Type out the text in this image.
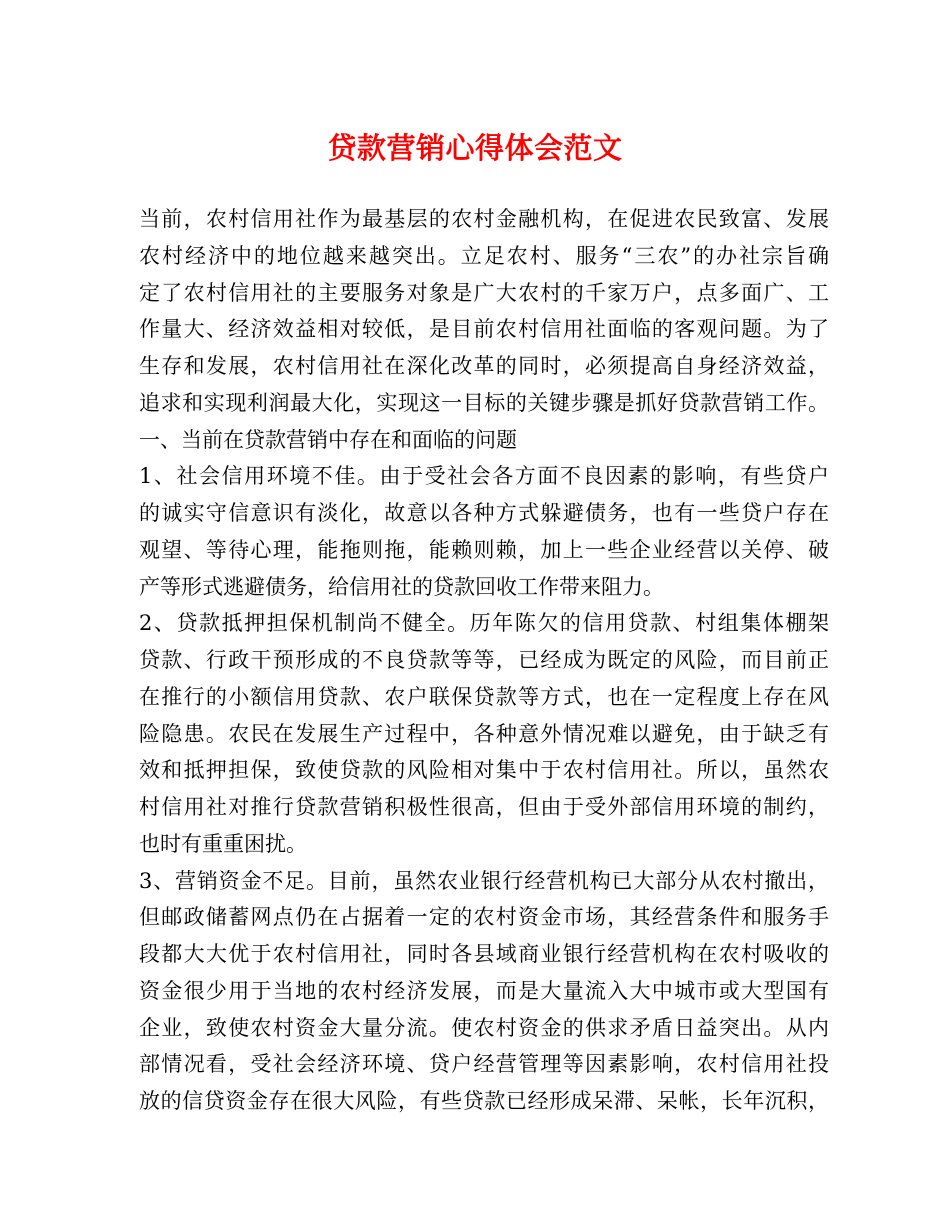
贷款营销心得体会范文
当前，农村信用社作为最基层的农村金融机构，在促进农民致富、发展
农村经济中的地位越来越突出。立足农村、服务“三农”的办社宗旨确
定了农村信用社的主要服务对象是广大农村的千家万户，点多面广、工
作量大、经济效益相对较低，是目前农村信用社面临的客观问题。为了
生存和发展，农村信用社在深化改革的同时，必须提高自身经济效益，
追求和实现利润最大化，实现这一目标的关键步骤是抓好贷款营销工作。
一、当前在贷款营销中存在和面临的问题
1、社会信用环境不佳。由于受社会各方面不良因素的影响，有些贷户
的诚实守信意识有淡化，故意以各种方式躲避债务，也有一些贷户存在
观望、等待心理，能拖则拖，能赖则赖，加上一些企业经营以关停、破
产等形式逃避债务，给信用社的贷款回收工作带来阻力。
2、贷款抵押担保机制尚不健全。历年陈欠的信用贷款、村组集体棚架
贷款、行政干预形成的不良贷款等等，已经成为既定的风险，而目前正
在推行的小额信用贷款、农户联保贷款等方式，也在一定程度上存在风
险隐患。农民在发展生产过程中，各种意外情况难以避免，由于缺乏有
效和抵押担保，致使贷款的风险相对集中于农村信用社。所以，虽然农
村信用社对推行贷款营销积极性很高，但由于受外部信用环境的制约，
也时有重重困扰。
3、营销资金不足。目前，虽然农业银行经营机构已大部分从农村撤出，
但邮政储蓄网点仍在占据着一定的农村资金市场，其经营条件和服务手
段都大大优于农村信用社，同时各县域商业银行经营机构在农村吸收的
资金很少用于当地的农村经济发展，而是大量流入大中城市或大型国有
企业，致使农村资金大量分流。使农村资金的供求矛盾日益突出。从内
部情况看，受社会经济环境、贷户经营管理等因素影响，农村信用社投
放的信贷资金存在很大风险，有些贷款已经形成呆滞、呆帐，长年沉积，
